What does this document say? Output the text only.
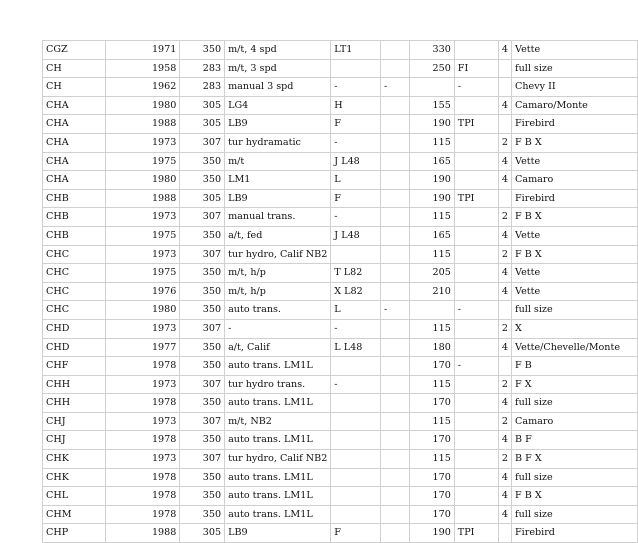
CGZ	1971	350	m/t, 4 spd	LT1		330		4	Vette
CH	1958	283	m/t, 3 spd			250	FI		full size
CH	1962	283	manual 3 spd	-	-		-		Chevy II
CHA	1980	305	LG4	H		155		4	Camaro/Monte
CHA	1988	305	LB9	F		190	TPI		Firebird
CHA	1973	307	tur hydramatic	-		115		2	F B X
CHA	1975	350	m/t	J L48		165		4	Vette
CHA	1980	350	LM1	L		190		4	Camaro
CHB	1988	305	LB9	F		190	TPI		Firebird
CHB	1973	307	manual trans.	-		115		2	F B X
CHB	1975	350	a/t, fed	J L48		165		4	Vette
CHC	1973	307	tur hydro, Calif NB2			115		2	F B X
CHC	1975	350	m/t, h/p	T L82		205		4	Vette
CHC	1976	350	m/t, h/p	X L82		210		4	Vette
CHC	1980	350	auto trans.	L	-		-		full size
CHD	1973	307	-	-		115		2	X
CHD	1977	350	a/t, Calif	L L48		180		4	Vette/Chevelle/Monte
CHF	1978	350	auto trans. LM1L			170	-		F B
CHH	1973	307	tur hydro trans.	-		115		2	F X
CHH	1978	350	auto trans. LM1L			170		4	full size
CHJ	1973	307	m/t, NB2			115		2	Camaro
CHJ	1978	350	auto trans. LM1L			170		4	B F
CHK	1973	307	tur hydro, Calif NB2			115		2	B F X
CHK	1978	350	auto trans. LM1L			170		4	full size
CHL	1978	350	auto trans. LM1L			170		4	F B X
CHM	1978	350	auto trans. LM1L			170		4	full size
CHP	1988	305	LB9	F		190	TPI		Firebird
